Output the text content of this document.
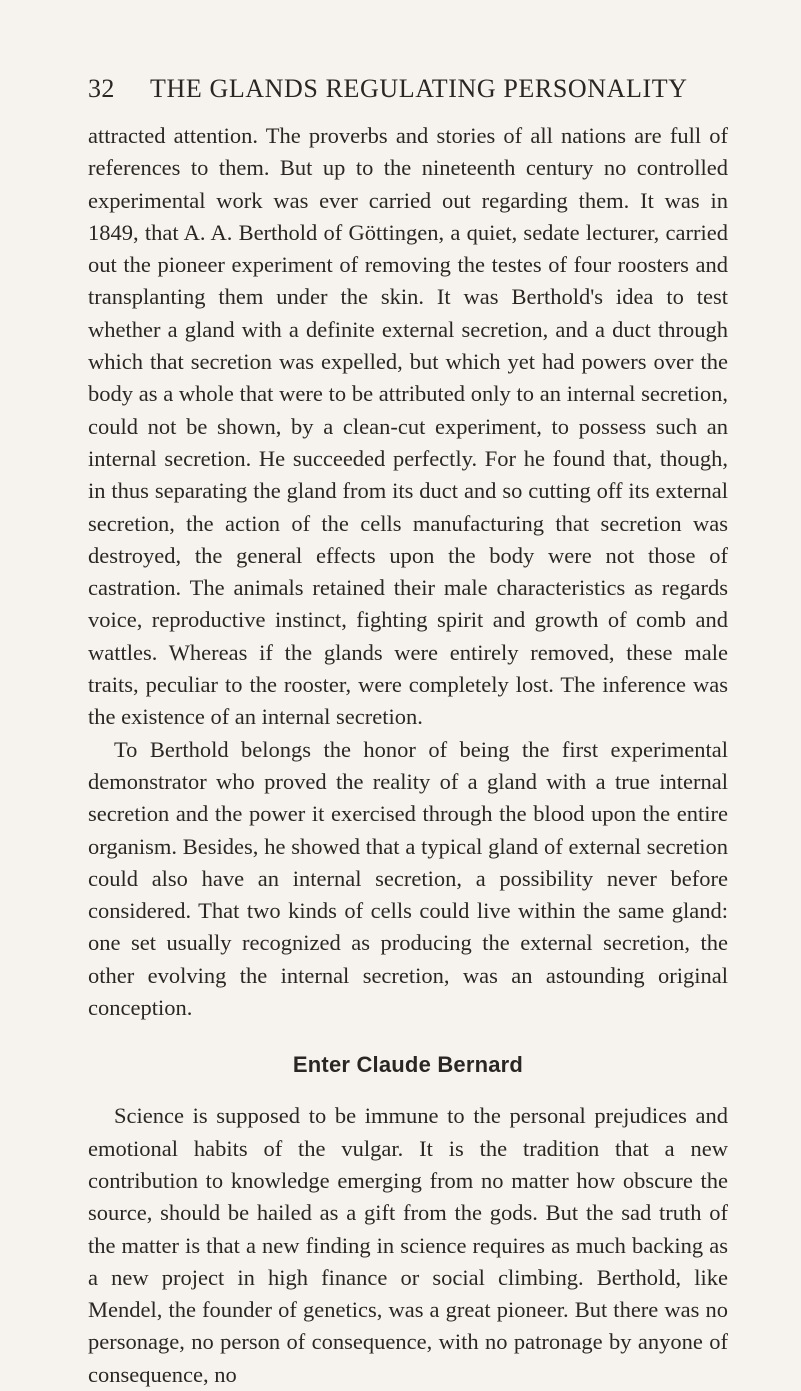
32	THE GLANDS REGULATING PERSONALITY

attracted attention. The proverbs and stories of all nations are full of references to them. But up to the nineteenth century no controlled experimental work was ever carried out regarding them. It was in 1849, that A. A. Berthold of Göttingen, a quiet, sedate lecturer, carried out the pioneer experiment of removing the testes of four roosters and transplanting them under the skin. It was Berthold's idea to test whether a gland with a definite external secretion, and a duct through which that secretion was expelled, but which yet had powers over the body as a whole that were to be attributed only to an internal secretion, could not be shown, by a clean-cut experiment, to possess such an internal secretion. He succeeded perfectly. For he found that, though, in thus separating the gland from its duct and so cutting off its external secretion, the action of the cells manufacturing that secretion was destroyed, the general effects upon the body were not those of castration. The animals retained their male characteristics as regards voice, reproductive instinct, fighting spirit and growth of comb and wattles. Whereas if the glands were entirely removed, these male traits, peculiar to the rooster, were completely lost. The inference was the existence of an internal secretion.

To Berthold belongs the honor of being the first experimental demonstrator who proved the reality of a gland with a true internal secretion and the power it exercised through the blood upon the entire organism. Besides, he showed that a typical gland of external secretion could also have an internal secretion, a possibility never before considered. That two kinds of cells could live within the same gland: one set usually recognized as producing the external secretion, the other evolving the internal secretion, was an astounding original conception.

Enter Claude Bernard

Science is supposed to be immune to the personal prejudices and emotional habits of the vulgar. It is the tradition that a new contribution to knowledge emerging from no matter how obscure the source, should be hailed as a gift from the gods. But the sad truth of the matter is that a new finding in science requires as much backing as a new project in high finance or social climbing. Berthold, like Mendel, the founder of genetics, was a great pioneer. But there was no personage, no person of consequence, with no patronage by anyone of consequence, no
